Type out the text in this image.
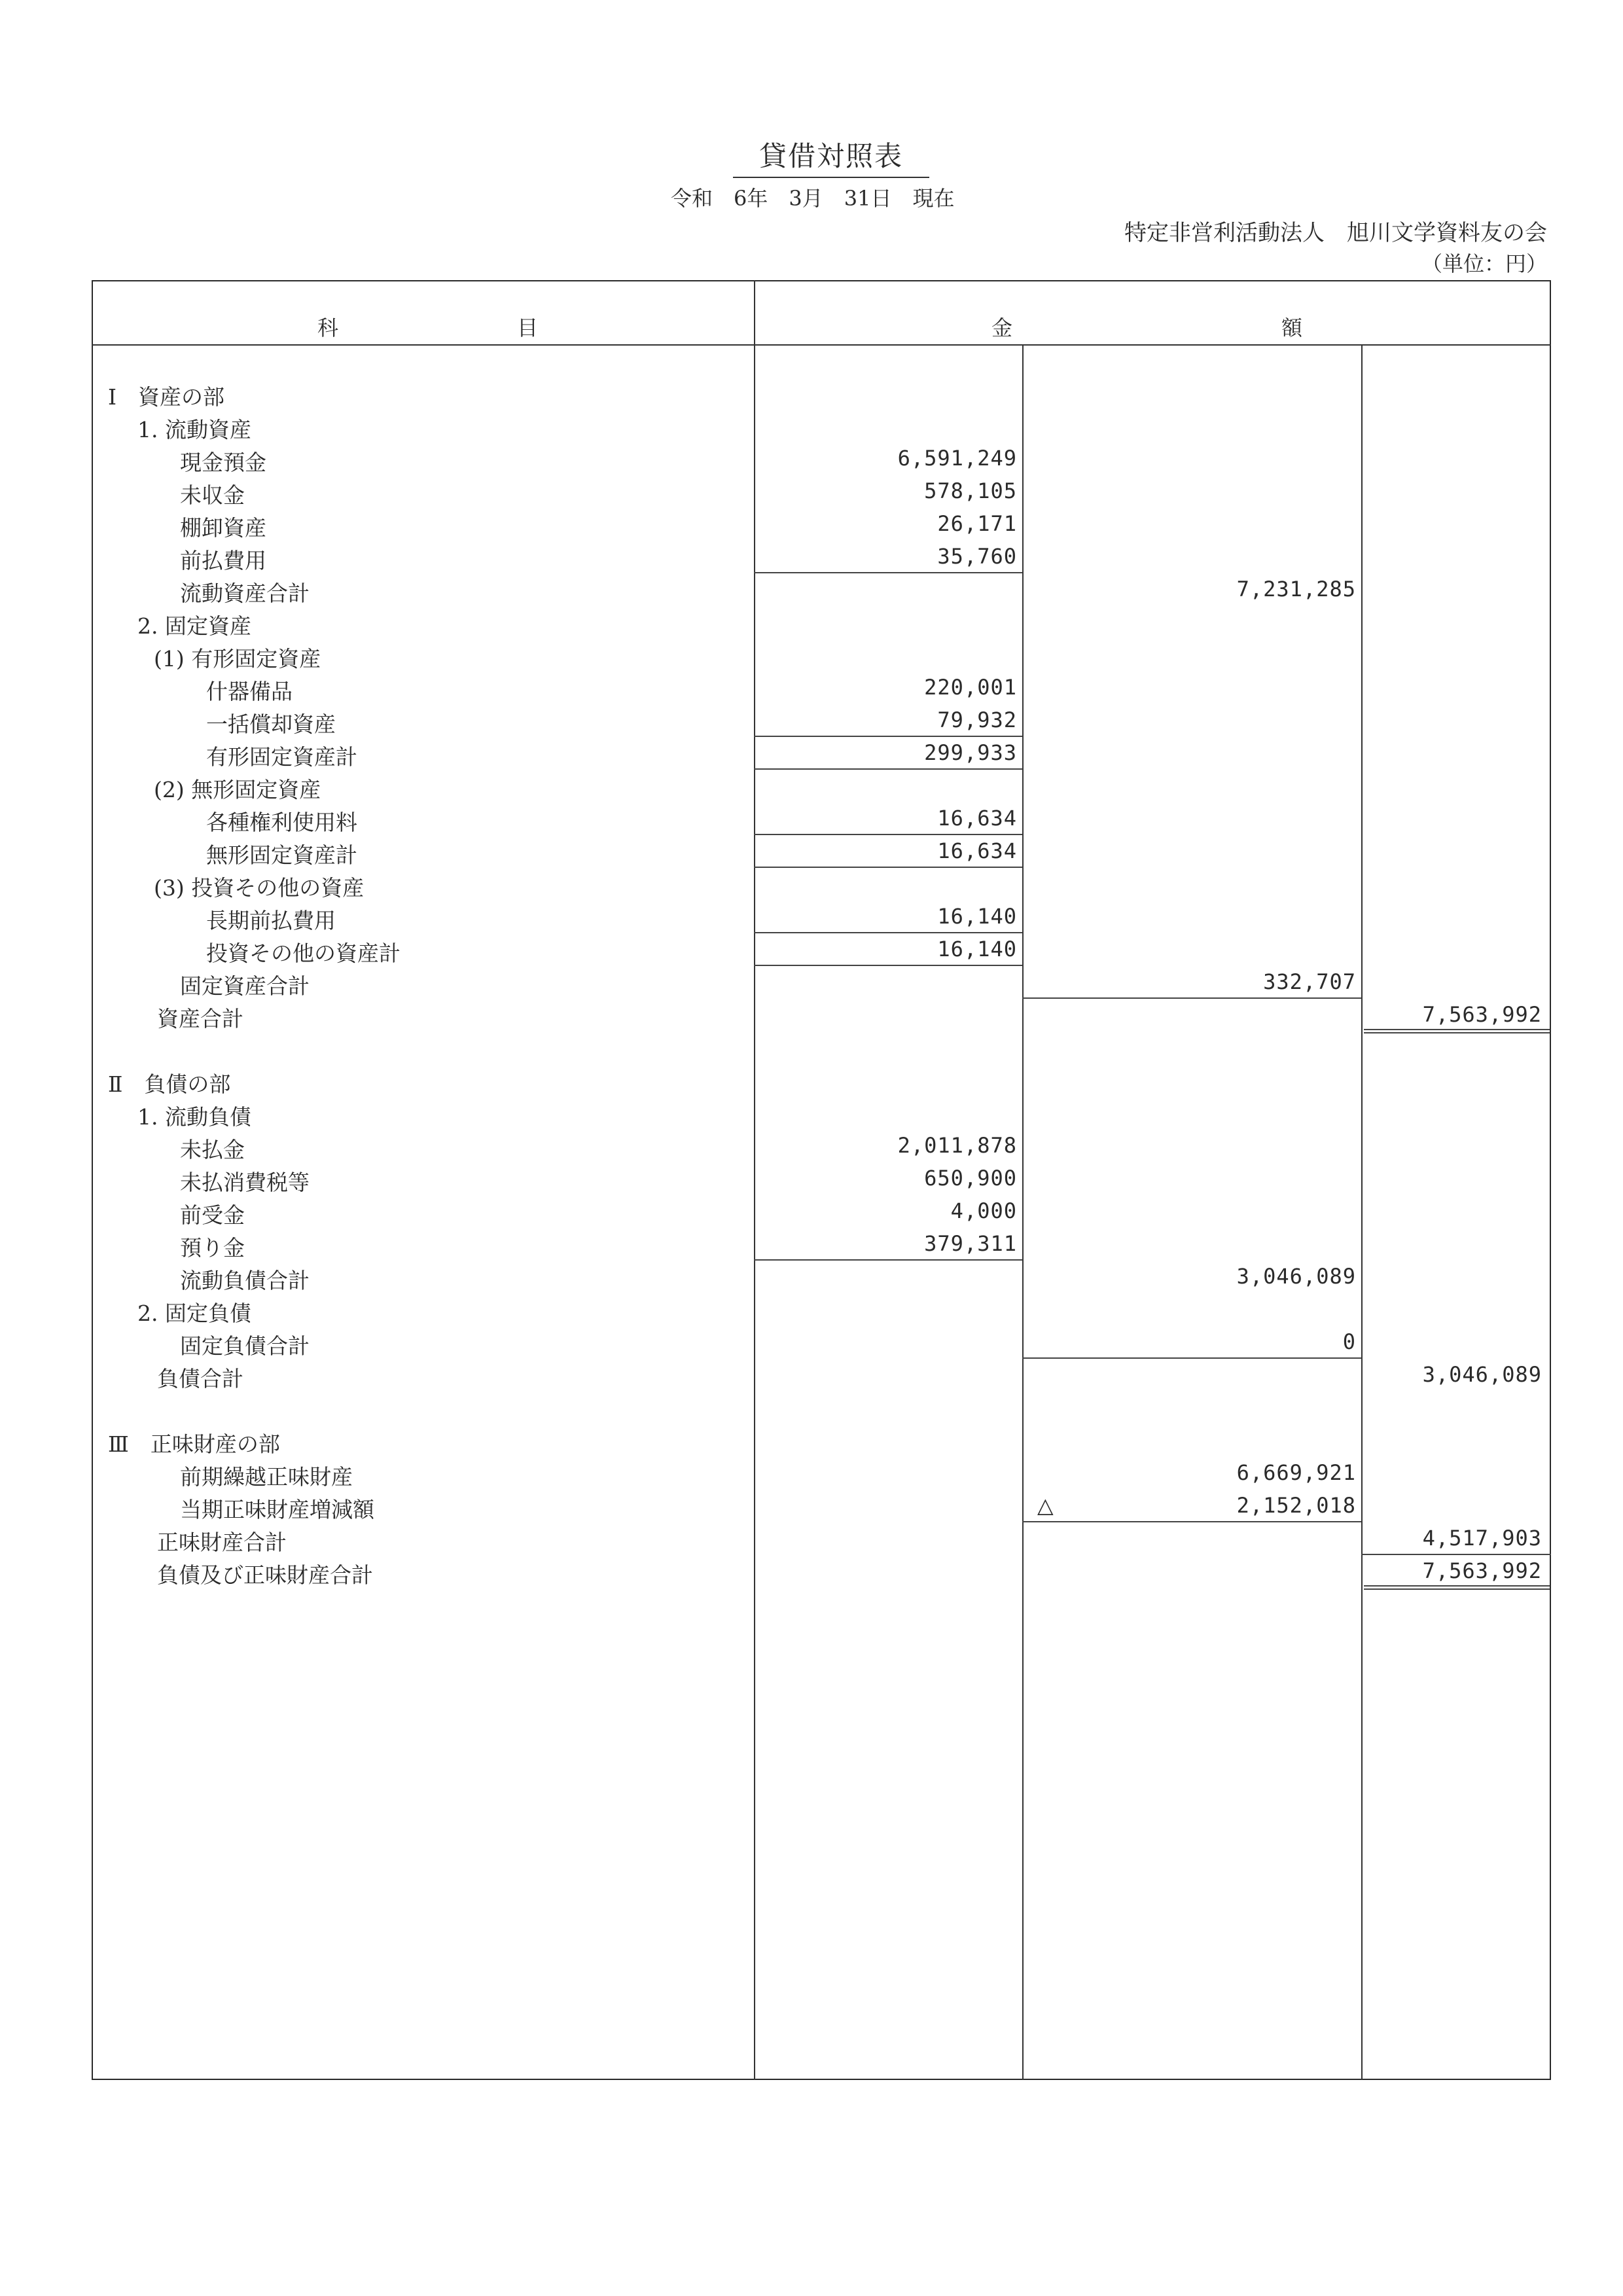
貸借対照表
令和　6年　3月　31日　現在
特定非営利活動法人　旭川文学資料友の会
（単位：円）
科	目	金	額
Ⅰ　資産の部
1. 流動資産
現金預金	6,591,249
未収金	578,105
棚卸資産	26,171
前払費用	35,760
流動資産合計	7,231,285
2. 固定資産
(1) 有形固定資産
什器備品	220,001
一括償却資産	79,932
有形固定資産計	299,933
(2) 無形固定資産
各種権利使用料	16,634
無形固定資産計	16,634
(3) 投資その他の資産
長期前払費用	16,140
投資その他の資産計	16,140
固定資産合計	332,707
資産合計	7,563,992
Ⅱ　負債の部
1. 流動負債
未払金	2,011,878
未払消費税等	650,900
前受金	4,000
預り金	379,311
流動負債合計	3,046,089
2. 固定負債
固定負債合計	0
負債合計	3,046,089
Ⅲ　正味財産の部
前期繰越正味財産	6,669,921
当期正味財産増減額	△	2,152,018
正味財産合計	4,517,903
負債及び正味財産合計	7,563,992
